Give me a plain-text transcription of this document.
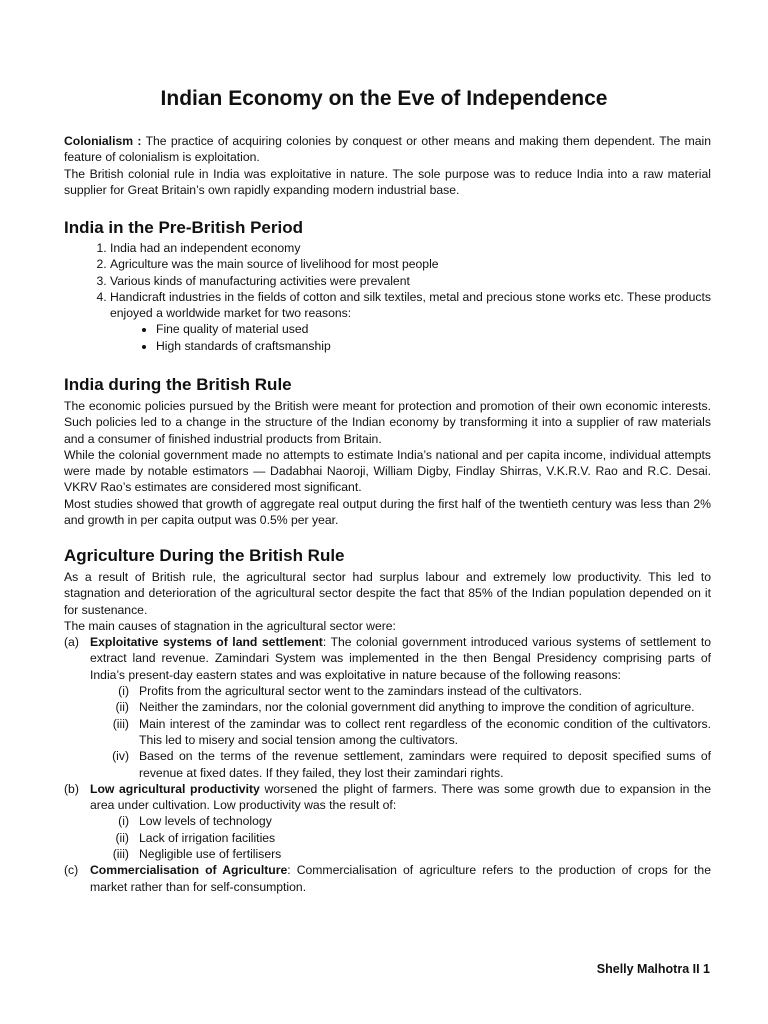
Indian Economy on the Eve of Independence

Colonialism : The practice of acquiring colonies by conquest or other means and making them dependent. The main feature of colonialism is exploitation.

The British colonial rule in India was exploitative in nature. The sole purpose was to reduce India into a raw material supplier for Great Britain’s own rapidly expanding modern industrial base.

India in the Pre-British Period
1. India had an independent economy
2. Agriculture was the main source of livelihood for most people
3. Various kinds of manufacturing activities were prevalent
4. Handicraft industries in the fields of cotton and silk textiles, metal and precious stone works etc. These products enjoyed a worldwide market for two reasons:
• Fine quality of material used
• High standards of craftsmanship
India during the British Rule

The economic policies pursued by the British were meant for protection and promotion of their own economic interests. Such policies led to a change in the structure of the Indian economy by transforming it into a supplier of raw materials and a consumer of finished industrial products from Britain.

While the colonial government made no attempts to estimate India’s national and per capita income, individual attempts were made by notable estimators — Dadabhai Naoroji, William Digby, Findlay Shirras, V.K.R.V. Rao and R.C. Desai. VKRV Rao’s estimates are considered most significant.

Most studies showed that growth of aggregate real output during the first half of the twentieth century was less than 2% and growth in per capita output was 0.5% per year.

Agriculture During the British Rule

As a result of British rule, the agricultural sector had surplus labour and extremely low productivity. This led to stagnation and deterioration of the agricultural sector despite the fact that 85% of the Indian population depended on it for sustenance.

The main causes of stagnation in the agricultural sector were:

(a) Exploitative systems of land settlement: The colonial government introduced various systems of settlement to extract land revenue. Zamindari System was implemented in the then Bengal Presidency comprising parts of India’s present-day eastern states and was exploitative in nature because of the following reasons:
(i) Profits from the agricultural sector went to the zamindars instead of the cultivators.
(ii) Neither the zamindars, nor the colonial government did anything to improve the condition of agriculture.
(iii) Main interest of the zamindar was to collect rent regardless of the economic condition of the cultivators. This led to misery and social tension among the cultivators.
(iv) Based on the terms of the revenue settlement, zamindars were required to deposit specified sums of revenue at fixed dates. If they failed, they lost their zamindari rights.
(b) Low agricultural productivity worsened the plight of farmers. There was some growth due to expansion in the area under cultivation. Low productivity was the result of:
(i) Low levels of technology
(ii) Lack of irrigation facilities
(iii) Negligible use of fertilisers
(c) Commercialisation of Agriculture: Commercialisation of agriculture refers to the production of crops for the market rather than for self-consumption.
Shelly Malhotra II 1
